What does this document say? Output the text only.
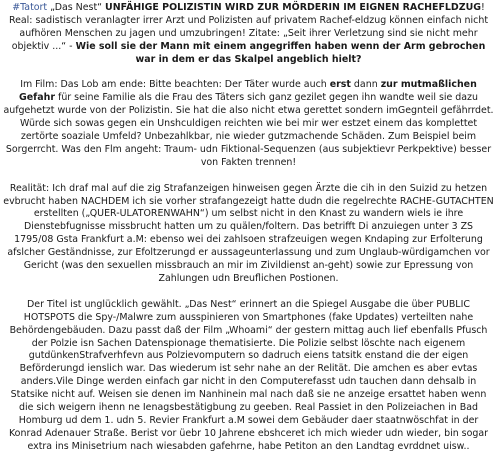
#Tatort „Das Nest“ UNFÄHIGE POLIZISTIN WIRD ZUR MÖRDERIN IM EIGNEN RACHEFLDZUG! Real: sadistisch veranlagter irrer Arzt und Polizisten auf privatem Rachef-eldzug können einfach nicht aufhören Menschen zu jagen und umzubringen! Zitate: „Seit ihrer Verletzung sind sie nicht mehr objektiv ...“ - Wie soll sie der Mann mit einem angegriffen haben wenn der Arm gebrochen war in dem er das Skalpel angeblich hielt?

Im Film: Das Lob am ende: Bitte beachten: Der Täter wurde auch erst dann zur mutmaßlichen Gefahr für seine Familie als die Frau des Täters sich ganz gezilet gegen ihn wandte weil sie dazu aufgehetzt wurde von der Polizistin. Sie hat die also nicht etwa gerettet sondern imGegnteil gefährrdet. Würde sich sowas gegen ein Unshculdigen reichten wie bei mir wer estzet einem das komplettet zertörte soaziale Umfeld? Unbezahlkbar, nie wieder gutzmachende Schäden. Zum Beispiel beim Sorgerrcht. Was den Flm angeht: Traum- udn Fiktional-Sequenzen (aus subjektievr Perkpektive) besser von Fakten trennen!

Realität: Ich draf mal auf die zig Strafanzeigen hinweisen gegen Ärzte die cih in den Suizid zu hetzen evbrucht haben NACHDEM ich sie vorher strafangezeigt hatte dudn die regelrechte RACHE-GUTACHTEN erstellten („QUER-ULATORENWAHN“) um selbst nicht in den Knast zu wandern wiels ie ihre Dienstebfugnisse missbrucht hatten um zu quälen/foltern. Das betrifft Di anzuiegen unter 3 ZS 1795/08 Gsta Frankfurt a.M: ebenso wei dei zahlsoen strafzeuigen wegen Kndaping zur Erfolterung afslcher Geständnisse, zur Efoltzerungd er aussageunterlassung und zum Unglaub-würdigamchen vor Gericht (was den sexuellen missbrauch an mir im Zivildienst an-geht) sowie zur Epressung von Zahlungen udn Breuflichen Postionen.

Der Titel ist unglücklich gewählt. „Das Nest“ erinnert an die Spiegel Ausgabe die über PUBLIC HOTSPOTS die Spy-/Malwre zum ausspinieren von Smartphones (fake Updates) verteilten nahe Behördengebäuden. Dazu passt daß der Film „Whoami“ der gestern mittag auch lief ebenfalls Pfusch der Polzie isn Sachen Datenspionage thematisierte. Die Polizie selbst löschte nach eigenem gutdünkenStrafverhfevn aus Polzievomputern so dadruch eiens tatsitk enstand die der eigen Beförderungd ienslich war. Das wiederum ist sehr nahe an der Relität. Die amchen es aber evtas anders.Vile Dinge werden einfach gar nicht in den Computerefasst udn tauchen dann dehsalb in Statsike nicht auf. Weisen sie denen im Nanhinein mal nach daß sie ne anzeige ersattet haben wenn die sich weigern ihenn ne Ienagsbestätigbung zu geeben. Real Passiet in den Polizeiachen in Bad Homburg ud dem 1. udn 5. Revier Frankfurt a.M sowei dem Gebäuder daer staatnwöschfat in der Konrad Adenauer Straße. Berist vor üebr 10 Jahrene ebshceret ich mich wieder udn wieder, bin sogar extra ins Minisetrium nach wiesabden gafehrne, habe Petiton an den Landtag evrddnet uisw..
